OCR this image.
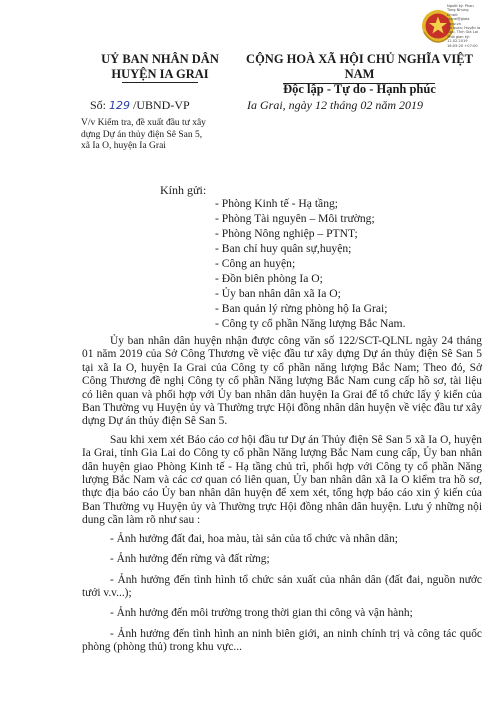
Người ký: Phan
Tùng Nhung
Email:
iagrai@giala
i.gov.vn
Cơ quan: Huyện Ia
Grai, Tỉnh Gia Lai
Thời gian ký:
12.02.2019
16:05:20 +07:00
UỶ BAN NHÂN DÂN
HUYỆN IA GRAI
CỘNG HOÀ XÃ HỘI CHỦ NGHĨA VIỆT NAM
Độc lập - Tự do - Hạnh phúc
Số: 129 /UBND-VP	Ia Grai, ngày 12 tháng 02 năm 2019
V/v Kiểm tra, đề xuất đầu tư xây
dựng Dự án thủy điện Sê San 5,
xã Ia O, huyện Ia Grai
Kính gửi:
- Phòng Kinh tế - Hạ tầng;
- Phòng Tài nguyên – Môi trường;
- Phòng Nông nghiệp – PTNT;
- Ban chỉ huy quân sự,huyện;
- Công an huyện;
- Đồn biên phòng Ia O;
- Ủy ban nhân dân xã Ia O;
- Ban quản lý rừng phòng hộ Ia Grai;
- Công ty cổ phần Năng lượng Bắc Nam.

Ủy ban nhân dân huyện nhận được công văn số 122/SCT-QLNL ngày 24 tháng 01 năm 2019 của Sở Công Thương về việc đầu tư xây dựng Dự án thủy điện Sê San 5 tại xã Ia O, huyện Ia Grai của Công ty cổ phần năng lượng Bắc Nam; Theo đó, Sở Công Thương đề nghị Công ty cổ phần Năng lượng Bắc Nam cung cấp hồ sơ, tài liệu có liên quan và phối hợp với Ủy ban nhân dân huyện Ia Grai để tổ chức lấy ý kiến của Ban Thường vụ Huyện ủy và Thường trực Hội đồng nhân dân huyện về việc đầu tư xây dựng Dự án thủy điện Sê San 5.

Sau khi xem xét Báo cáo cơ hội đầu tư Dự án Thủy điện Sê San 5 xã Ia O, huyện Ia Grai, tỉnh Gia Lai do Công ty cổ phần Năng lượng Bắc Nam cung cấp, Ủy ban nhân dân huyện giao Phòng Kinh tế - Hạ tầng chủ trì, phối hợp với Công ty cổ phần Năng lượng Bắc Nam và các cơ quan có liên quan, Ủy ban nhân dân xã Ia O kiểm tra hồ sơ, thực địa báo cáo Ủy ban nhân dân huyện để xem xét, tổng hợp báo cáo xin ý kiến của Ban Thường vụ Huyện ủy và Thường trực Hội đồng nhân dân huyện. Lưu ý những nội dung cần làm rõ như sau :

- Ảnh hưởng đất đai, hoa màu, tài sản của tổ chức và nhân dân;

- Ảnh hưởng đến rừng và đất rừng;

- Ảnh hưởng đến tình hình tổ chức sản xuất của nhân dân (đất đai, nguồn nước tưới v.v...);

- Ảnh hưởng đến môi trường trong thời gian thi công và vận hành;

- Ảnh hưởng đến tình hình an ninh biên giới, an ninh chính trị và công tác quốc phòng (phòng thủ) trong khu vực...
